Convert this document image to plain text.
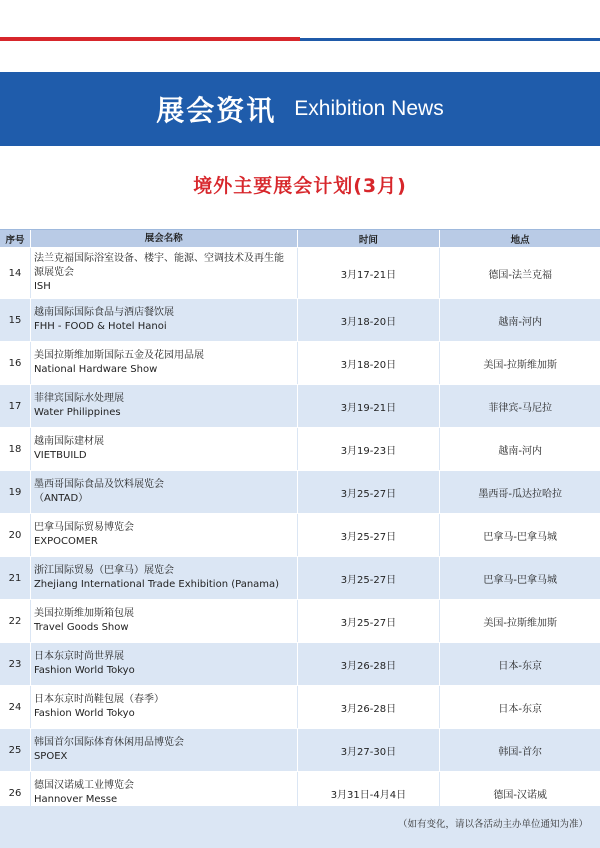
展会资讯 Exhibition News
境外主要展会计划(3月)
序号	展会名称	时间	地点
14
法兰克福国际浴室设备、楼宇、能源、空调技术及再生能
源展览会
ISH
3月17-21日	德国-法兰克福
15
越南国际国际食品与酒店餐饮展
FHH - FOOD & Hotel Hanoi	3月18-20日	越南-河内
16
美国拉斯维加斯国际五金及花园用品展
National Hardware Show	3月18-20日	美国-拉斯维加斯
17
菲律宾国际水处理展
Water Philippines	3月19-21日	菲律宾-马尼拉
18
越南国际建材展
VIETBUILD	3月19-23日	越南-河内
19
墨西哥国际食品及饮料展览会
（ANTAD）	3月25-27日	墨西哥-瓜达拉哈拉
20
巴拿马国际贸易博览会
EXPOCOMER	3月25-27日	巴拿马-巴拿马城
21
浙江国际贸易（巴拿马）展览会
Zhejiang International Trade Exhibition (Panama)	3月25-27日	巴拿马-巴拿马城
22
美国拉斯维加斯箱包展
Travel Goods Show	3月25-27日	美国-拉斯维加斯
23
日本东京时尚世界展
Fashion World Tokyo	3月26-28日	日本-东京
24
日本东京时尚鞋包展（春季）
Fashion World Tokyo	3月26-28日	日本-东京
25
韩国首尔国际体育休闲用品博览会
SPOEX	3月27-30日	韩国-首尔
26
德国汉诺威工业博览会
Hannover Messe	3月31日-4月4日	德国-汉诺威
（如有变化，请以各活动主办单位通知为准）
